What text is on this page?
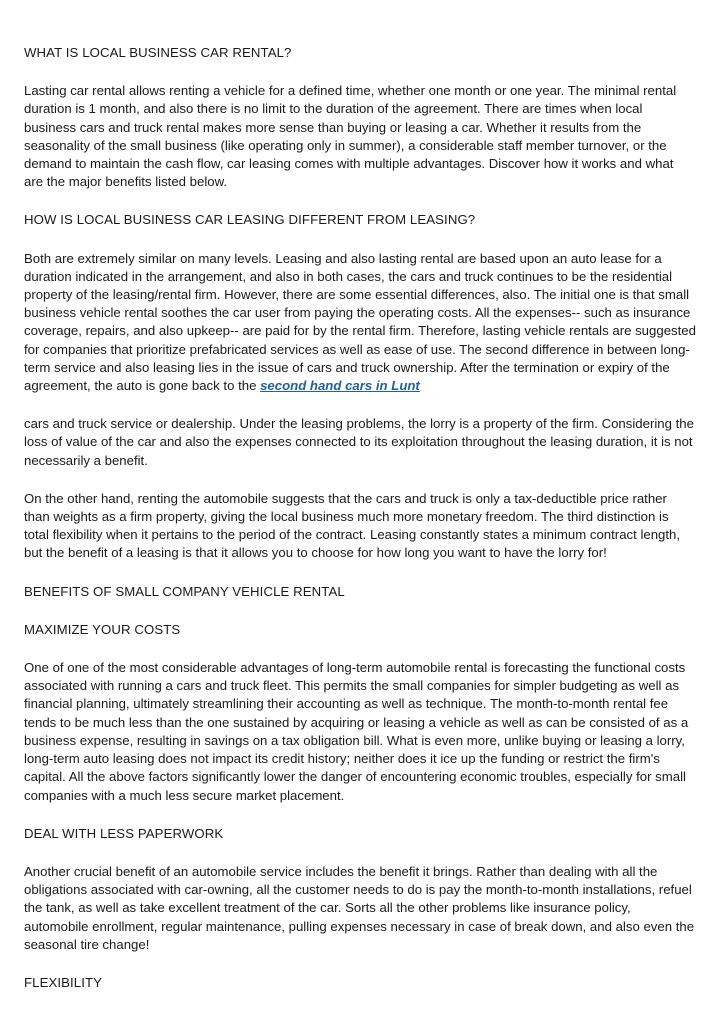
WHAT IS LOCAL BUSINESS CAR RENTAL?

Lasting car rental allows renting a vehicle for a defined time, whether one month or one year. The minimal rental duration is 1 month, and also there is no limit to the duration of the agreement. There are times when local business cars and truck rental makes more sense than buying or leasing a car. Whether it results from the seasonality of the small business (like operating only in summer), a considerable staff member turnover, or the demand to maintain the cash flow, car leasing comes with multiple advantages. Discover how it works and what are the major benefits listed below.

HOW IS LOCAL BUSINESS CAR LEASING DIFFERENT FROM LEASING?

Both are extremely similar on many levels. Leasing and also lasting rental are based upon an auto lease for a duration indicated in the arrangement, and also in both cases, the cars and truck continues to be the residential property of the leasing/rental firm. However, there are some essential differences, also. The initial one is that small business vehicle rental soothes the car user from paying the operating costs. All the expenses-- such as insurance coverage, repairs, and also upkeep-- are paid for by the rental firm. Therefore, lasting vehicle rentals are suggested for companies that prioritize prefabricated services as well as ease of use. The second difference in between long-term service and also leasing lies in the issue of cars and truck ownership. After the termination or expiry of the agreement, the auto is gone back to the second hand cars in Lunt

cars and truck service or dealership. Under the leasing problems, the lorry is a property of the firm. Considering the loss of value of the car and also the expenses connected to its exploitation throughout the leasing duration, it is not necessarily a benefit.

On the other hand, renting the automobile suggests that the cars and truck is only a tax-deductible price rather than weights as a firm property, giving the local business much more monetary freedom. The third distinction is total flexibility when it pertains to the period of the contract. Leasing constantly states a minimum contract length, but the benefit of a leasing is that it allows you to choose for how long you want to have the lorry for!

BENEFITS OF SMALL COMPANY VEHICLE RENTAL
MAXIMIZE YOUR COSTS

One of one of the most considerable advantages of long-term automobile rental is forecasting the functional costs associated with running a cars and truck fleet. This permits the small companies for simpler budgeting as well as financial planning, ultimately streamlining their accounting as well as technique. The month-to-month rental fee tends to be much less than the one sustained by acquiring or leasing a vehicle as well as can be consisted of as a business expense, resulting in savings on a tax obligation bill. What is even more, unlike buying or leasing a lorry, long-term auto leasing does not impact its credit history; neither does it ice up the funding or restrict the firm's capital. All the above factors significantly lower the danger of encountering economic troubles, especially for small companies with a much less secure market placement.

DEAL WITH LESS PAPERWORK

Another crucial benefit of an automobile service includes the benefit it brings. Rather than dealing with all the obligations associated with car-owning, all the customer needs to do is pay the month-to-month installations, refuel the tank, as well as take excellent treatment of the car. Sorts all the other problems like insurance policy, automobile enrollment, regular maintenance, pulling expenses necessary in case of break down, and also even the seasonal tire change!

FLEXIBILITY
